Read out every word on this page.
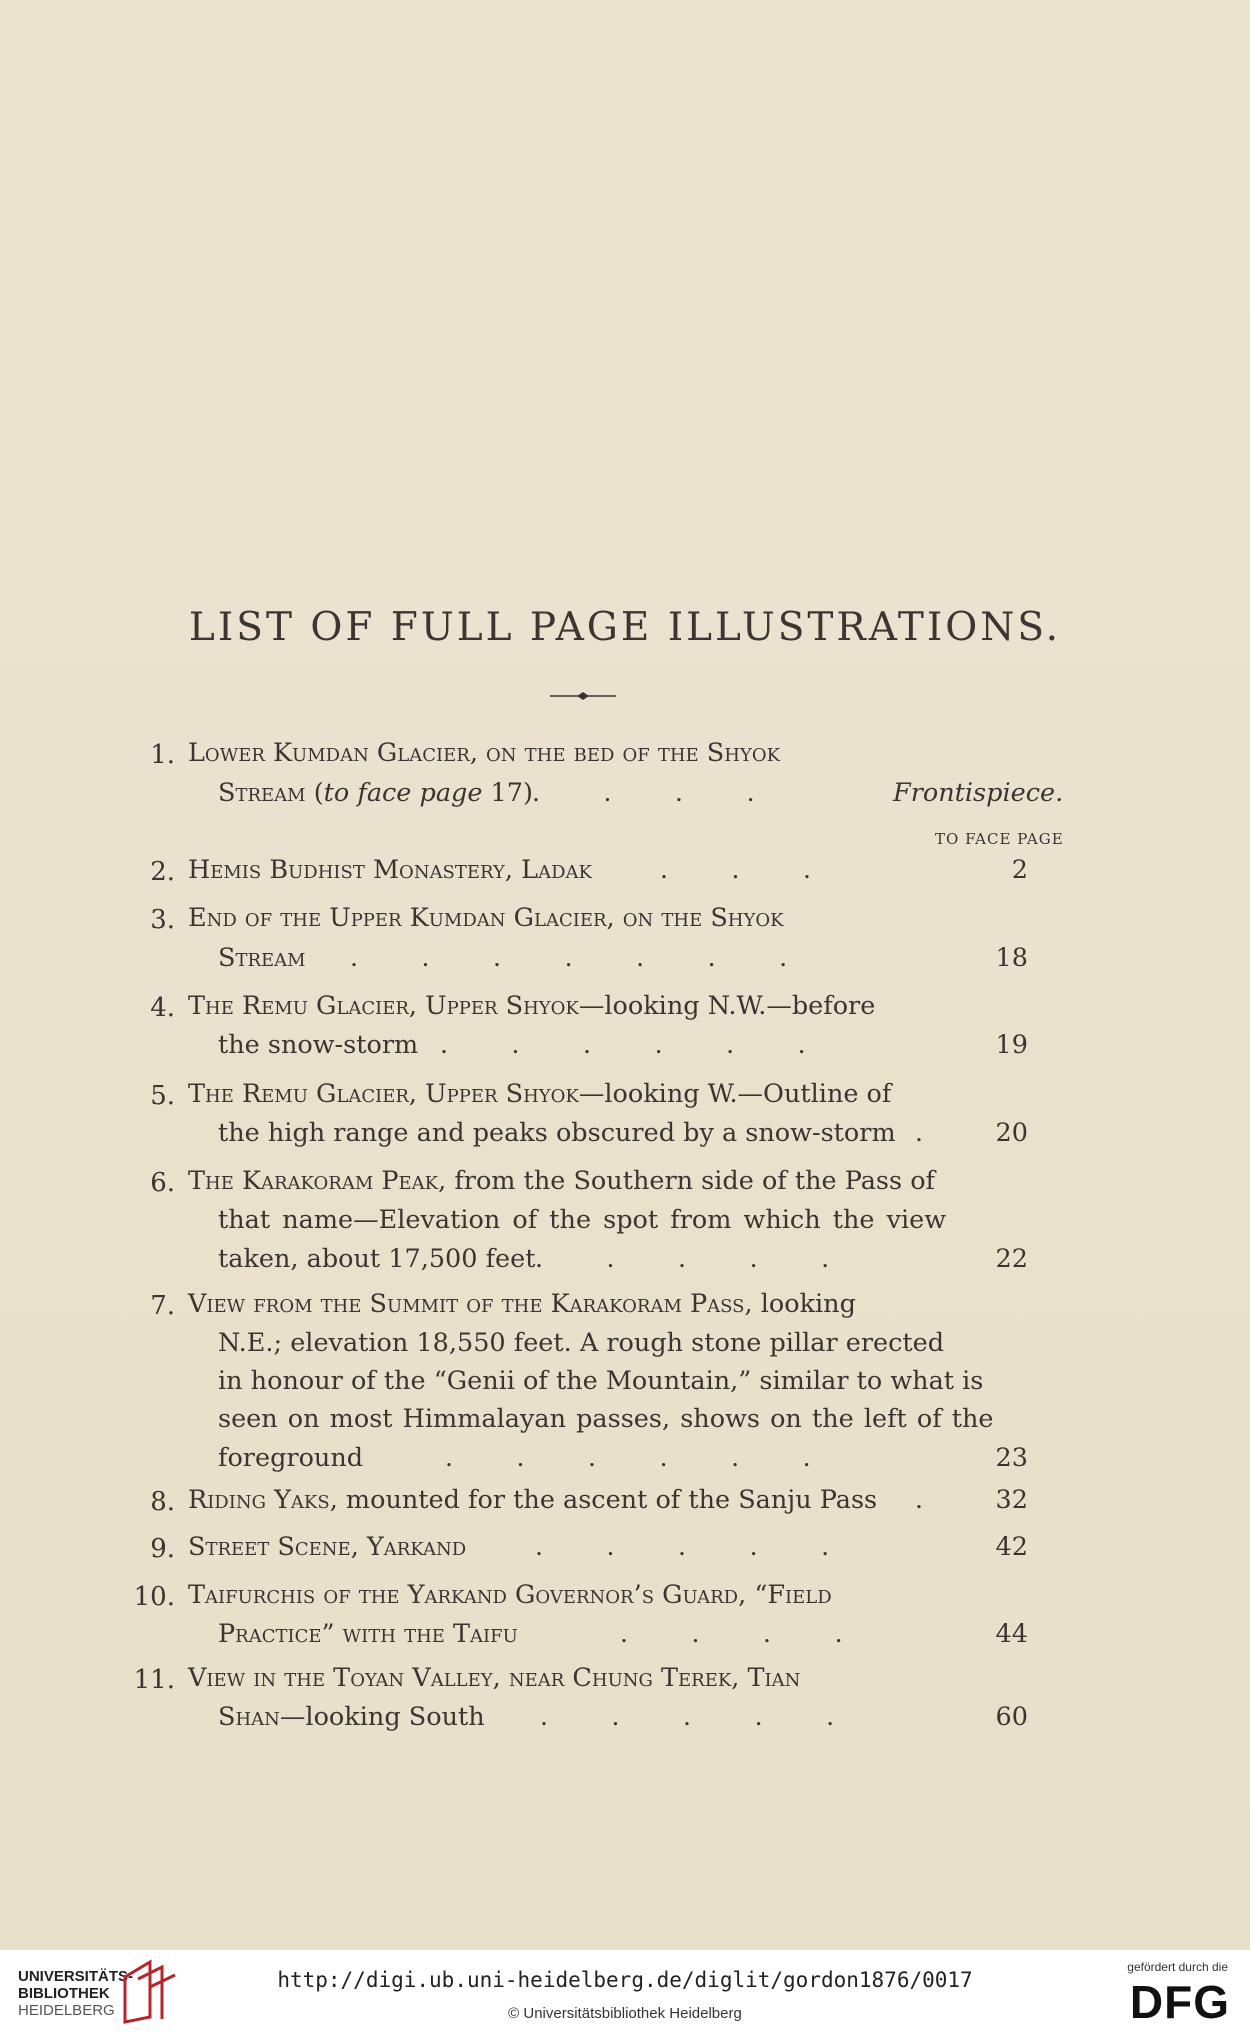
LIST OF FULL PAGE ILLUSTRATIONS.
TO FACE PAGE
1. Lower Kumdan Glacier, on the bed of the Shyok
Stream (to face page 17) .        .        .        .	Frontispiece.
2. Hemis Budhist Monastery, Ladak	.        .        .	2
3. End of the Upper Kumdan Glacier, on the Shyok
Stream .        .        .        .        .        .        .	18
4. The Remu Glacier, Upper Shyok—looking N.W.—before
the snow-storm .        .        .        .        .        .	19
5. The Remu Glacier, Upper Shyok—looking W.—Outline of
the high range and peaks obscured by a snow-storm .	20
6. The Karakoram Peak, from the Southern side of the Pass of
that name—Elevation of the spot from which the view
taken, about 17,500 feet .        .        .        .        .	22
7. View from the Summit of the Karakoram Pass, looking
N.E.; elevation 18,550 feet. A rough stone pillar erected
in honour of the “Genii of the Mountain,” similar to what is
seen on most Himmalayan passes, shows on the left of the
foreground	.        .        .        .        .        .	23
8. Riding Yaks, mounted for the ascent of the Sanju Pass .	32
9. Street Scene, Yarkand	.        .        .        .        .	42
10. Taifurchis of the Yarkand Governor’s Guard, “Field
Practice” with the Taifu	.        .        .        .	44
11. View in the Toyan Valley, near Chung Terek, Tian
Shan—looking South .        .        .        .        .	60
UNIVERSITÄTS-
BIBLIOTHEK
HEIDELBERG
http://digi.ub.uni-heidelberg.de/diglit/gordon1876/0017
© Universitätsbibliothek Heidelberg
gefördert durch die
DFG
